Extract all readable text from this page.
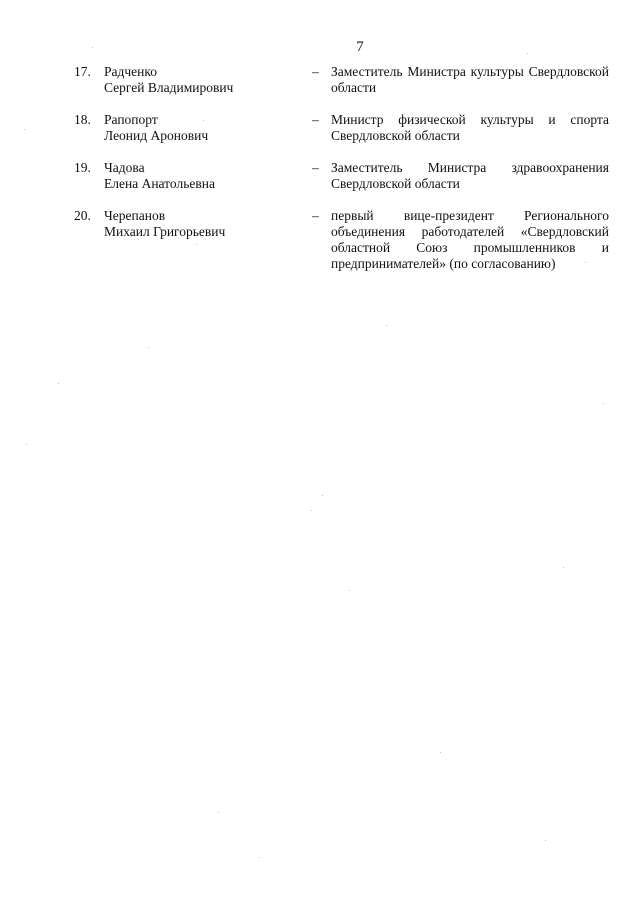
7
17. Радченко
Сергей Владимирович
– Заместитель Министра культуры Свердловской области
18. Рапопорт
Леонид Аронович
– Министр физической культуры и спорта Свердловской области
19. Чадова
Елена Анатольевна
– Заместитель Министра здравоохранения Свердловской области
20. Черепанов
Михаил Григорьевич
– первый вице-президент Регионального объединения работодателей «Свердловский областной Союз промышленников и предпринимателей» (по согласованию)
